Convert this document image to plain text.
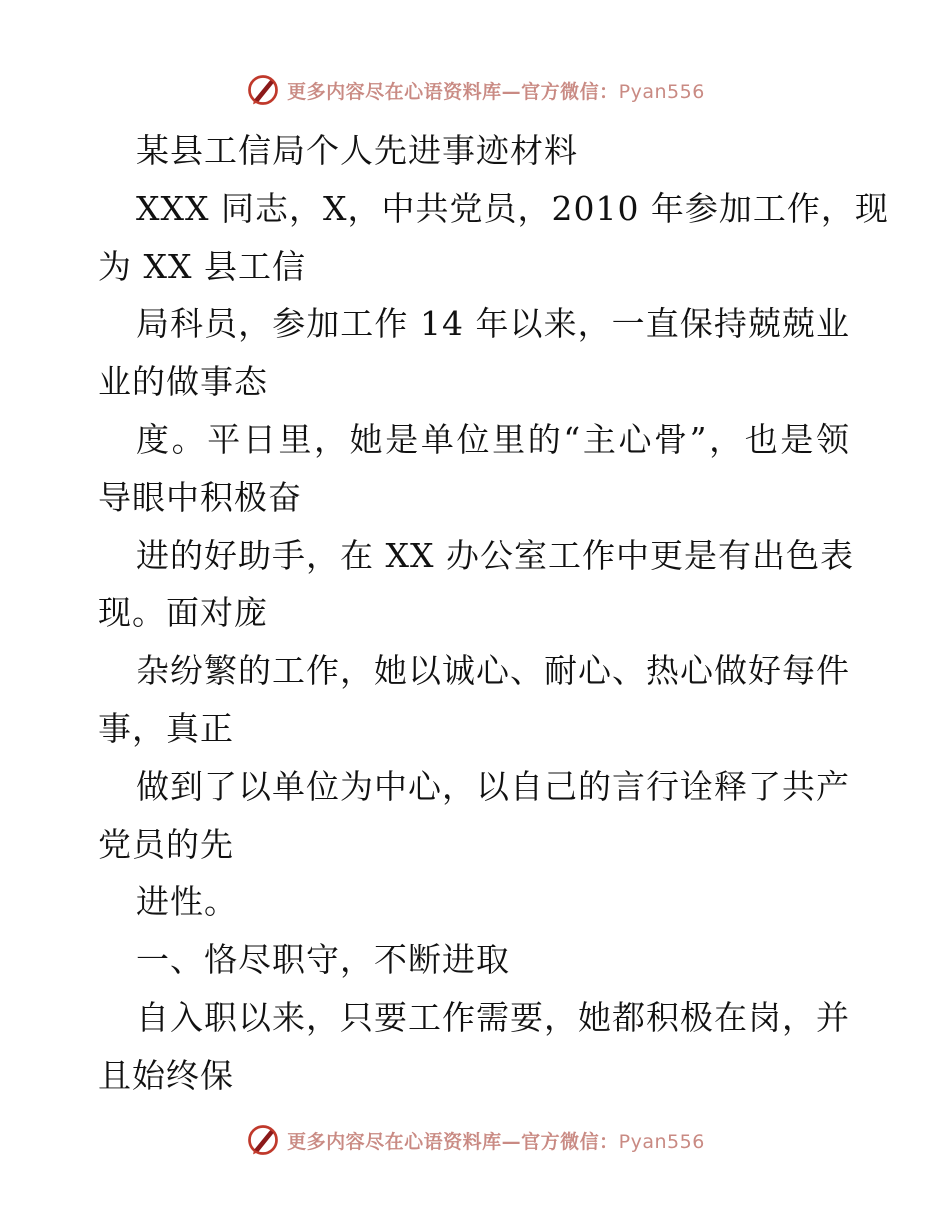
更多内容尽在心语资料库—官方微信：Pyan556
某县工信局个人先进事迹材料
XXX 同志，X，中共党员，2010 年参加工作，现
为 XX 县工信
局科员，参加工作 14 年以来，一直保持兢兢业
业的做事态
度。平日里，她是单位里的“主心骨”，也是领
导眼中积极奋
进的好助手，在 XX 办公室工作中更是有出色表
现。面对庞
杂纷繁的工作，她以诚心、耐心、热心做好每件
事，真正
做到了以单位为中心，以自己的言行诠释了共产
党员的先
进性。
一、恪尽职守，不断进取
自入职以来，只要工作需要，她都积极在岗，并
且始终保
更多内容尽在心语资料库—官方微信：Pyan556
